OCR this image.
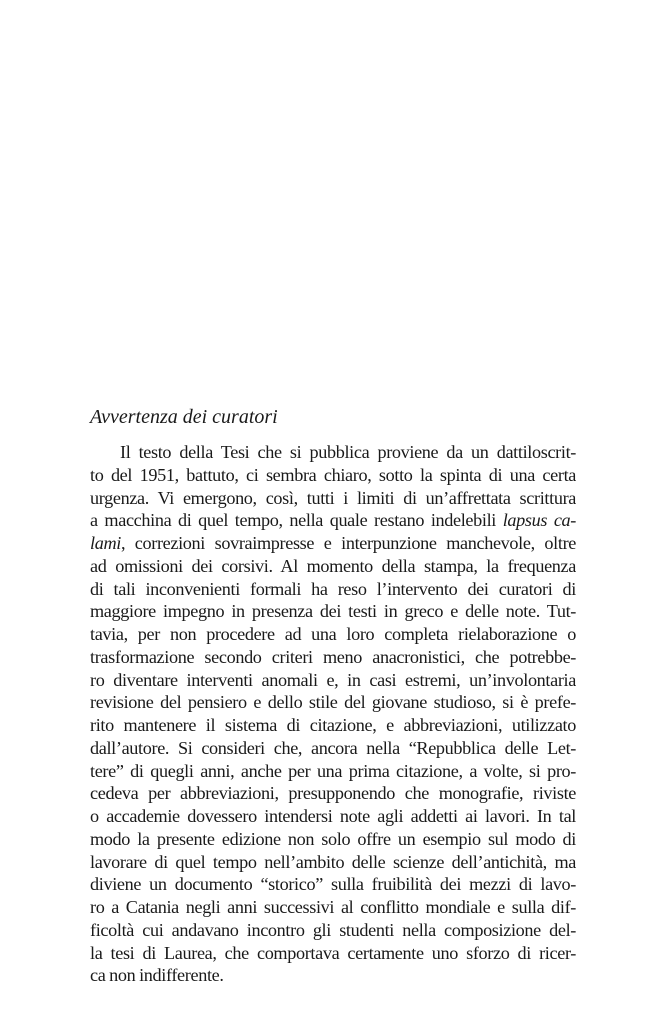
Avvertenza dei curatori
Il testo della Tesi che si pubblica proviene da un dattiloscrit-
to del 1951, battuto, ci sembra chiaro, sotto la spinta di una certa
urgenza. Vi emergono, così, tutti i limiti di un’affrettata scrittura
a macchina di quel tempo, nella quale restano indelebili lapsus ca-
lami, correzioni sovraimpresse e interpunzione manchevole, oltre
ad omissioni dei corsivi. Al momento della stampa, la frequenza
di tali inconvenienti formali ha reso l’intervento dei curatori di
maggiore impegno in presenza dei testi in greco e delle note. Tut-
tavia, per non procedere ad una loro completa rielaborazione o
trasformazione secondo criteri meno anacronistici, che potrebbe-
ro diventare interventi anomali e, in casi estremi, un’involontaria
revisione del pensiero e dello stile del giovane studioso, si è prefe-
rito mantenere il sistema di citazione, e abbreviazioni, utilizzato
dall’autore. Si consideri che, ancora nella “Repubblica delle Let-
tere” di quegli anni, anche per una prima citazione, a volte, si pro-
cedeva per abbreviazioni, presupponendo che monografie, riviste
o accademie dovessero intendersi note agli addetti ai lavori. In tal
modo la presente edizione non solo offre un esempio sul modo di
lavorare di quel tempo nell’ambito delle scienze dell’antichità, ma
diviene un documento “storico” sulla fruibilità dei mezzi di lavo-
ro a Catania negli anni successivi al conflitto mondiale e sulla dif-
ficoltà cui andavano incontro gli studenti nella composizione del-
la tesi di Laurea, che comportava certamente uno sforzo di ricer-
ca non indifferente.
